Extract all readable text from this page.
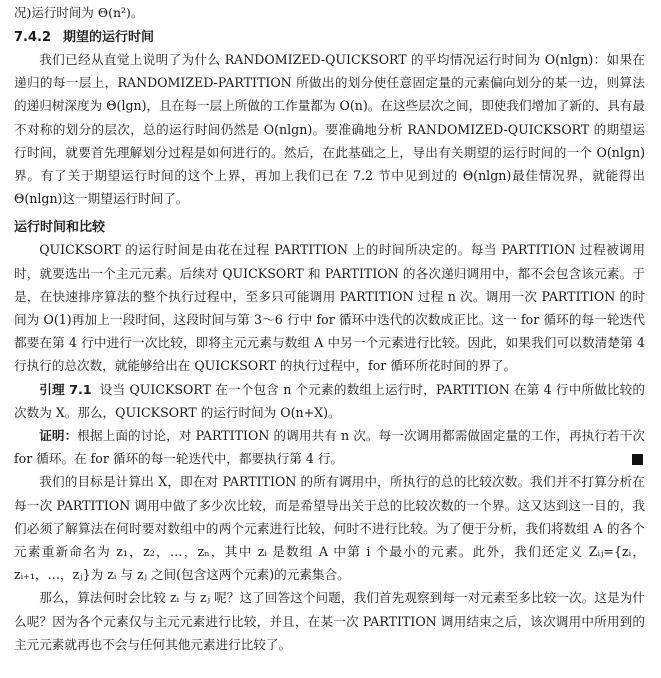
况)运行时间为 Θ(n²)。

7.4.2 期望的运行时间

我们已经从直觉上说明了为什么 RANDOMIZED-QUICKSORT 的平均情况运行时间为 O(nlgn)：如果在递归的每一层上，RANDOMIZED-PARTITION 所做出的划分使任意固定量的元素偏向划分的某一边，则算法的递归树深度为 Θ(lgn)，且在每一层上所做的工作量都为 O(n)。在这些层次之间，即使我们增加了新的、具有最不对称的划分的层次，总的运行时间仍然是 O(nlgn)。要准确地分析 RANDOMIZED-QUICKSORT 的期望运行时间，就要首先理解划分过程是如何进行的。然后，在此基础之上，导出有关期望的运行时间的一个 O(nlgn)界。有了关于期望运行时间的这个上界，再加上我们已在 7.2 节中见到过的 Θ(nlgn)最佳情况界，就能得出 Θ(nlgn)这一期望运行时间了。

运行时间和比较

QUICKSORT 的运行时间是由花在过程 PARTITION 上的时间所决定的。每当 PARTITION 过程被调用时，就要选出一个主元元素。后续对 QUICKSORT 和 PARTITION 的各次递归调用中，都不会包含该元素。于是，在快速排序算法的整个执行过程中，至多只可能调用 PARTITION 过程 n 次。调用一次 PARTITION 的时间为 O(1)再加上一段时间，这段时间与第 3～6 行中 for 循环中迭代的次数成正比。这一 for 循环的每一轮迭代都要在第 4 行中进行一次比较，即将主元元素与数组 A 中另一个元素进行比较。因此，如果我们可以数清楚第 4 行执行的总次数，就能够给出在 QUICKSORT 的执行过程中，for 循环所花时间的界了。

引理 7.1 设当 QUICKSORT 在一个包含 n 个元素的数组上运行时，PARTITION 在第 4 行中所做比较的次数为 X。那么，QUICKSORT 的运行时间为 O(n+X)。

证明：根据上面的讨论，对 PARTITION 的调用共有 n 次。每一次调用都需做固定量的工作，再执行若干次 for 循环。在 for 循环的每一轮迭代中，都要执行第 4 行。

我们的目标是计算出 X，即在对 PARTITION 的所有调用中，所执行的总的比较次数。我们并不打算分析在每一次 PARTITION 调用中做了多少次比较，而是希望导出关于总的比较次数的一个界。这又达到这一目的，我们必须了解算法在何时要对数组中的两个元素进行比较，何时不进行比较。为了便于分析，我们将数组 A 的各个元素重新命名为 z₁，z₂，…，zₙ，其中 zᵢ 是数组 A 中第 i 个最小的元素。此外，我们还定义 Zᵢⱼ={zᵢ，zᵢ₊₁，…，zⱼ}为 zᵢ 与 zⱼ 之间(包含这两个元素)的元素集合。

那么，算法何时会比较 zᵢ 与 zⱼ 呢？这了回答这个问题，我们首先观察到每一对元素至多比较一次。这是为什么呢？因为各个元素仅与主元元素进行比较，并且，在某一次 PARTITION 调用结束之后，该次调用中所用到的主元元素就再也不会与任何其他元素进行比较了。
